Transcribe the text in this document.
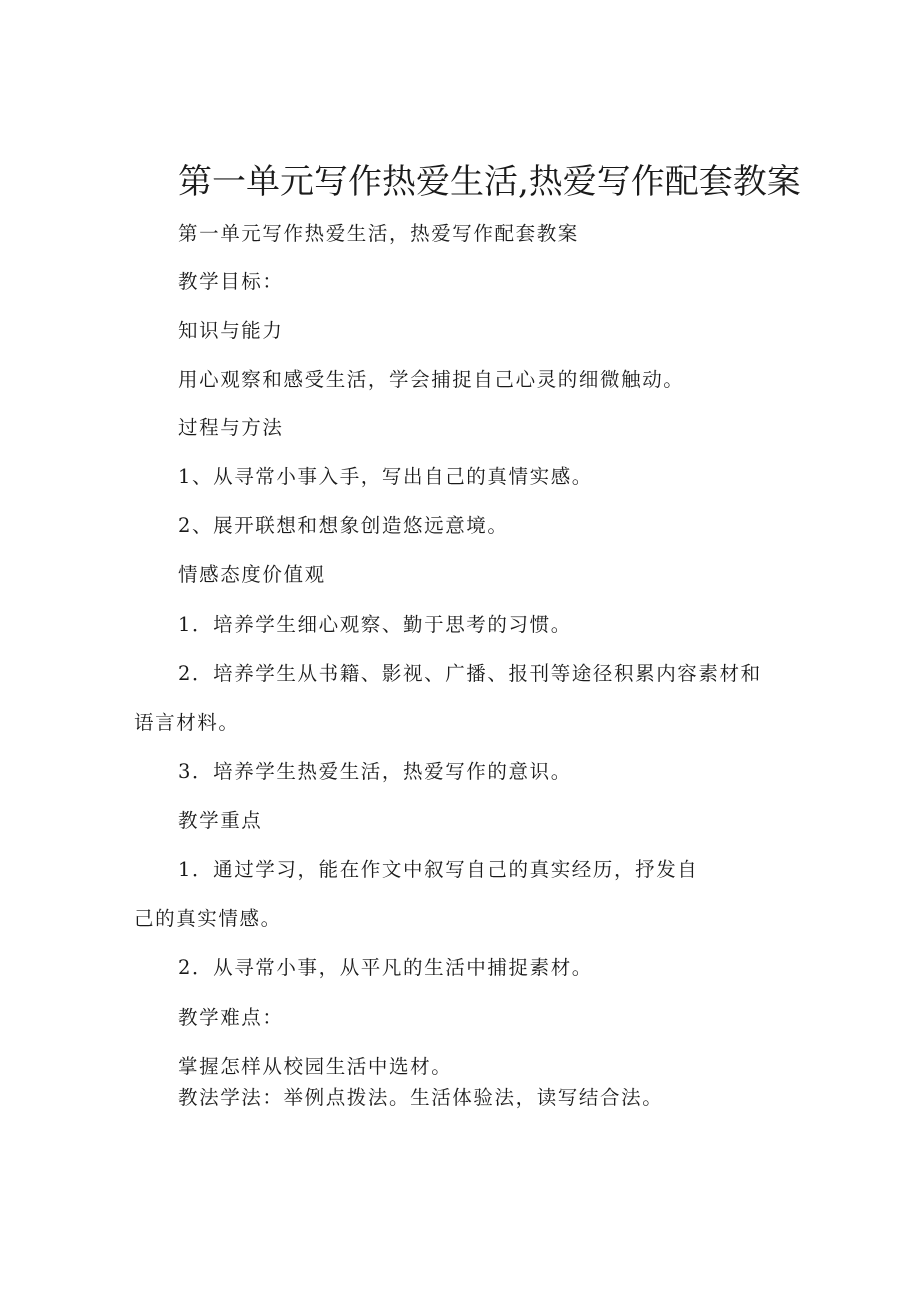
第一单元写作热爱生活,热爱写作配套教案

第一单元写作热爱生活，热爱写作配套教案

教学目标：

知识与能力

用心观察和感受生活，学会捕捉自己心灵的细微触动。

过程与方法

1、从寻常小事入手，写出自己的真情实感。

2、展开联想和想象创造悠远意境。

情感态度价值观

1．培养学生细心观察、勤于思考的习惯。

2．培养学生从书籍、影视、广播、报刊等途径积累内容素材和

语言材料。

3．培养学生热爱生活，热爱写作的意识。

教学重点

1．通过学习，能在作文中叙写自己的真实经历，抒发自

己的真实情感。

2．从寻常小事，从平凡的生活中捕捉素材。

教学难点：

掌握怎样从校园生活中选材。

教法学法：举例点拨法。生活体验法，读写结合法。
